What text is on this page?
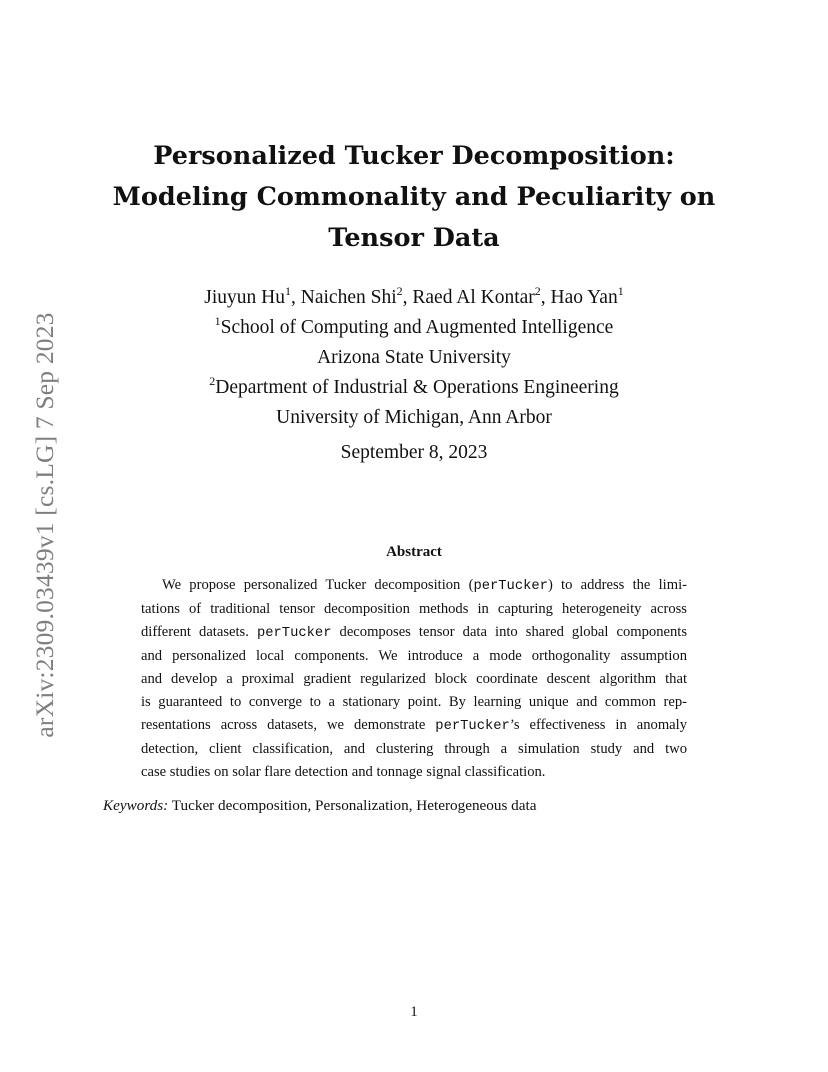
arXiv:2309.03439v1 [cs.LG] 7 Sep 2023
Personalized Tucker Decomposition:
Modeling Commonality and Peculiarity on
Tensor Data
Jiuyun Hu$^1$, Naichen Shi$^2$, Raed Al Kontar$^2$, Hao Yan$^1$
$^1$School of Computing and Augmented Intelligence
Arizona State University
$^2$Department of Industrial & Operations Engineering
University of Michigan, Ann Arbor
September 8, 2023
Abstract
We propose personalized Tucker decomposition (perTucker) to address the limi-
tations of traditional tensor decomposition methods in capturing heterogeneity across
different datasets. perTucker decomposes tensor data into shared global components
and personalized local components. We introduce a mode orthogonality assumption
and develop a proximal gradient regularized block coordinate descent algorithm that
is guaranteed to converge to a stationary point. By learning unique and common rep-
resentations across datasets, we demonstrate perTucker’s effectiveness in anomaly
detection, client classification, and clustering through a simulation study and two
case studies on solar flare detection and tonnage signal classification.
Keywords: Tucker decomposition, Personalization, Heterogeneous data
1
